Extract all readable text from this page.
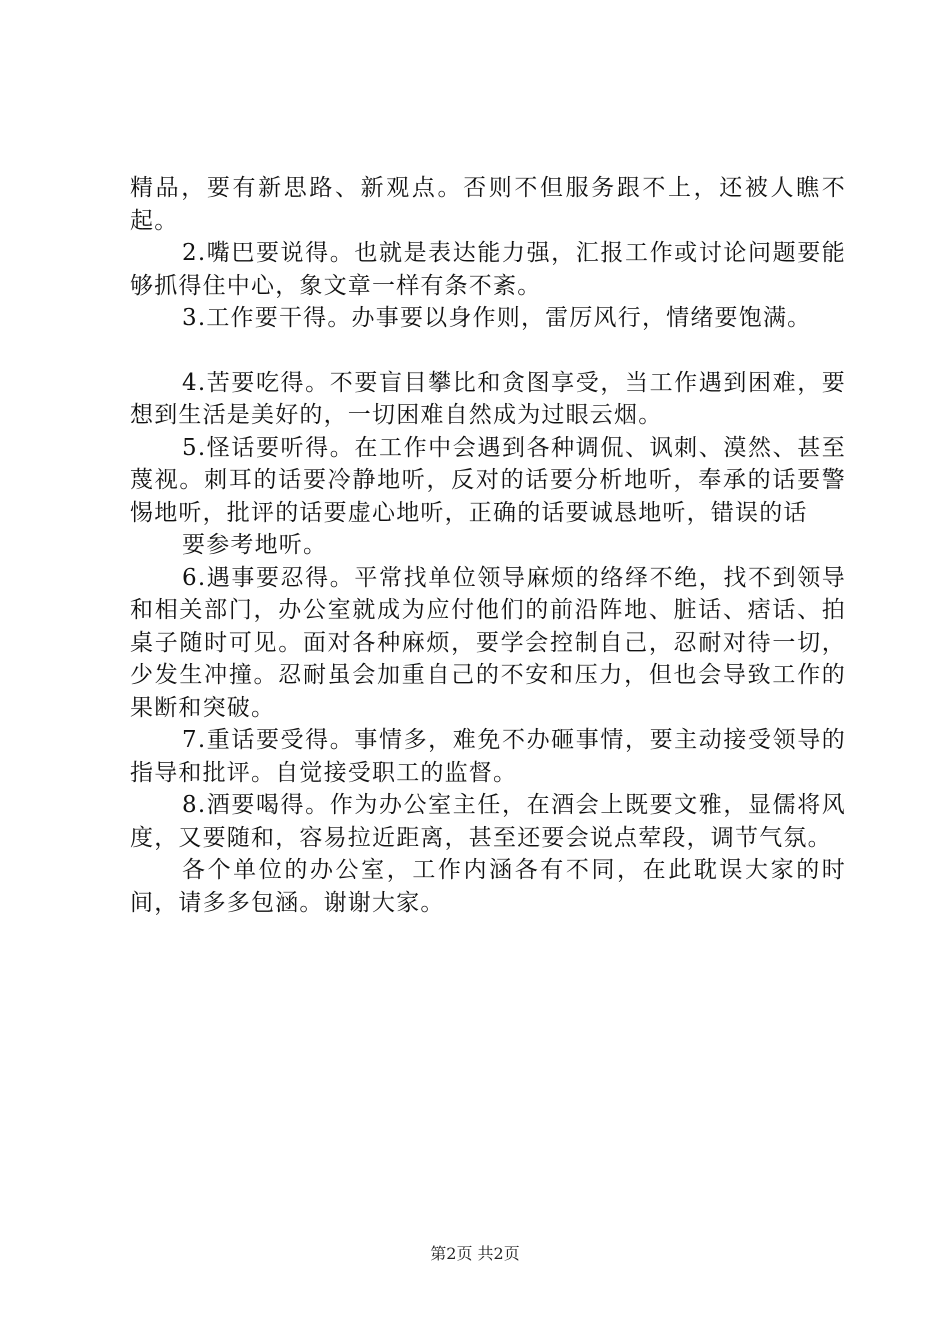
精品，要有新思路、新观点。否则不但服务跟不上，还被人瞧不起。

2.嘴巴要说得。也就是表达能力强，汇报工作或讨论问题要能够抓得住中心，象文章一样有条不紊。

3.工作要干得。办事要以身作则，雷厉风行，情绪要饱满。

4.苦要吃得。不要盲目攀比和贪图享受，当工作遇到困难，要想到生活是美好的，一切困难自然成为过眼云烟。

5.怪话要听得。在工作中会遇到各种调侃、讽刺、漠然、甚至蔑视。刺耳的话要冷静地听，反对的话要分析地听，奉承的话要警惕地听，批评的话要虚心地听，正确的话要诚恳地听，错误的话

要参考地听。

6.遇事要忍得。平常找单位领导麻烦的络绎不绝，找不到领导和相关部门，办公室就成为应付他们的前沿阵地、脏话、痞话、拍桌子随时可见。面对各种麻烦，要学会控制自己，忍耐对待一切，少发生冲撞。忍耐虽会加重自己的不安和压力，但也会导致工作的果断和突破。

7.重话要受得。事情多，难免不办砸事情，要主动接受领导的指导和批评。自觉接受职工的监督。

8.酒要喝得。作为办公室主任，在酒会上既要文雅，显儒将风度，又要随和，容易拉近距离，甚至还要会说点荤段，调节气氛。

各个单位的办公室，工作内涵各有不同，在此耽误大家的时间，请多多包涵。谢谢大家。

第2页 共2页
